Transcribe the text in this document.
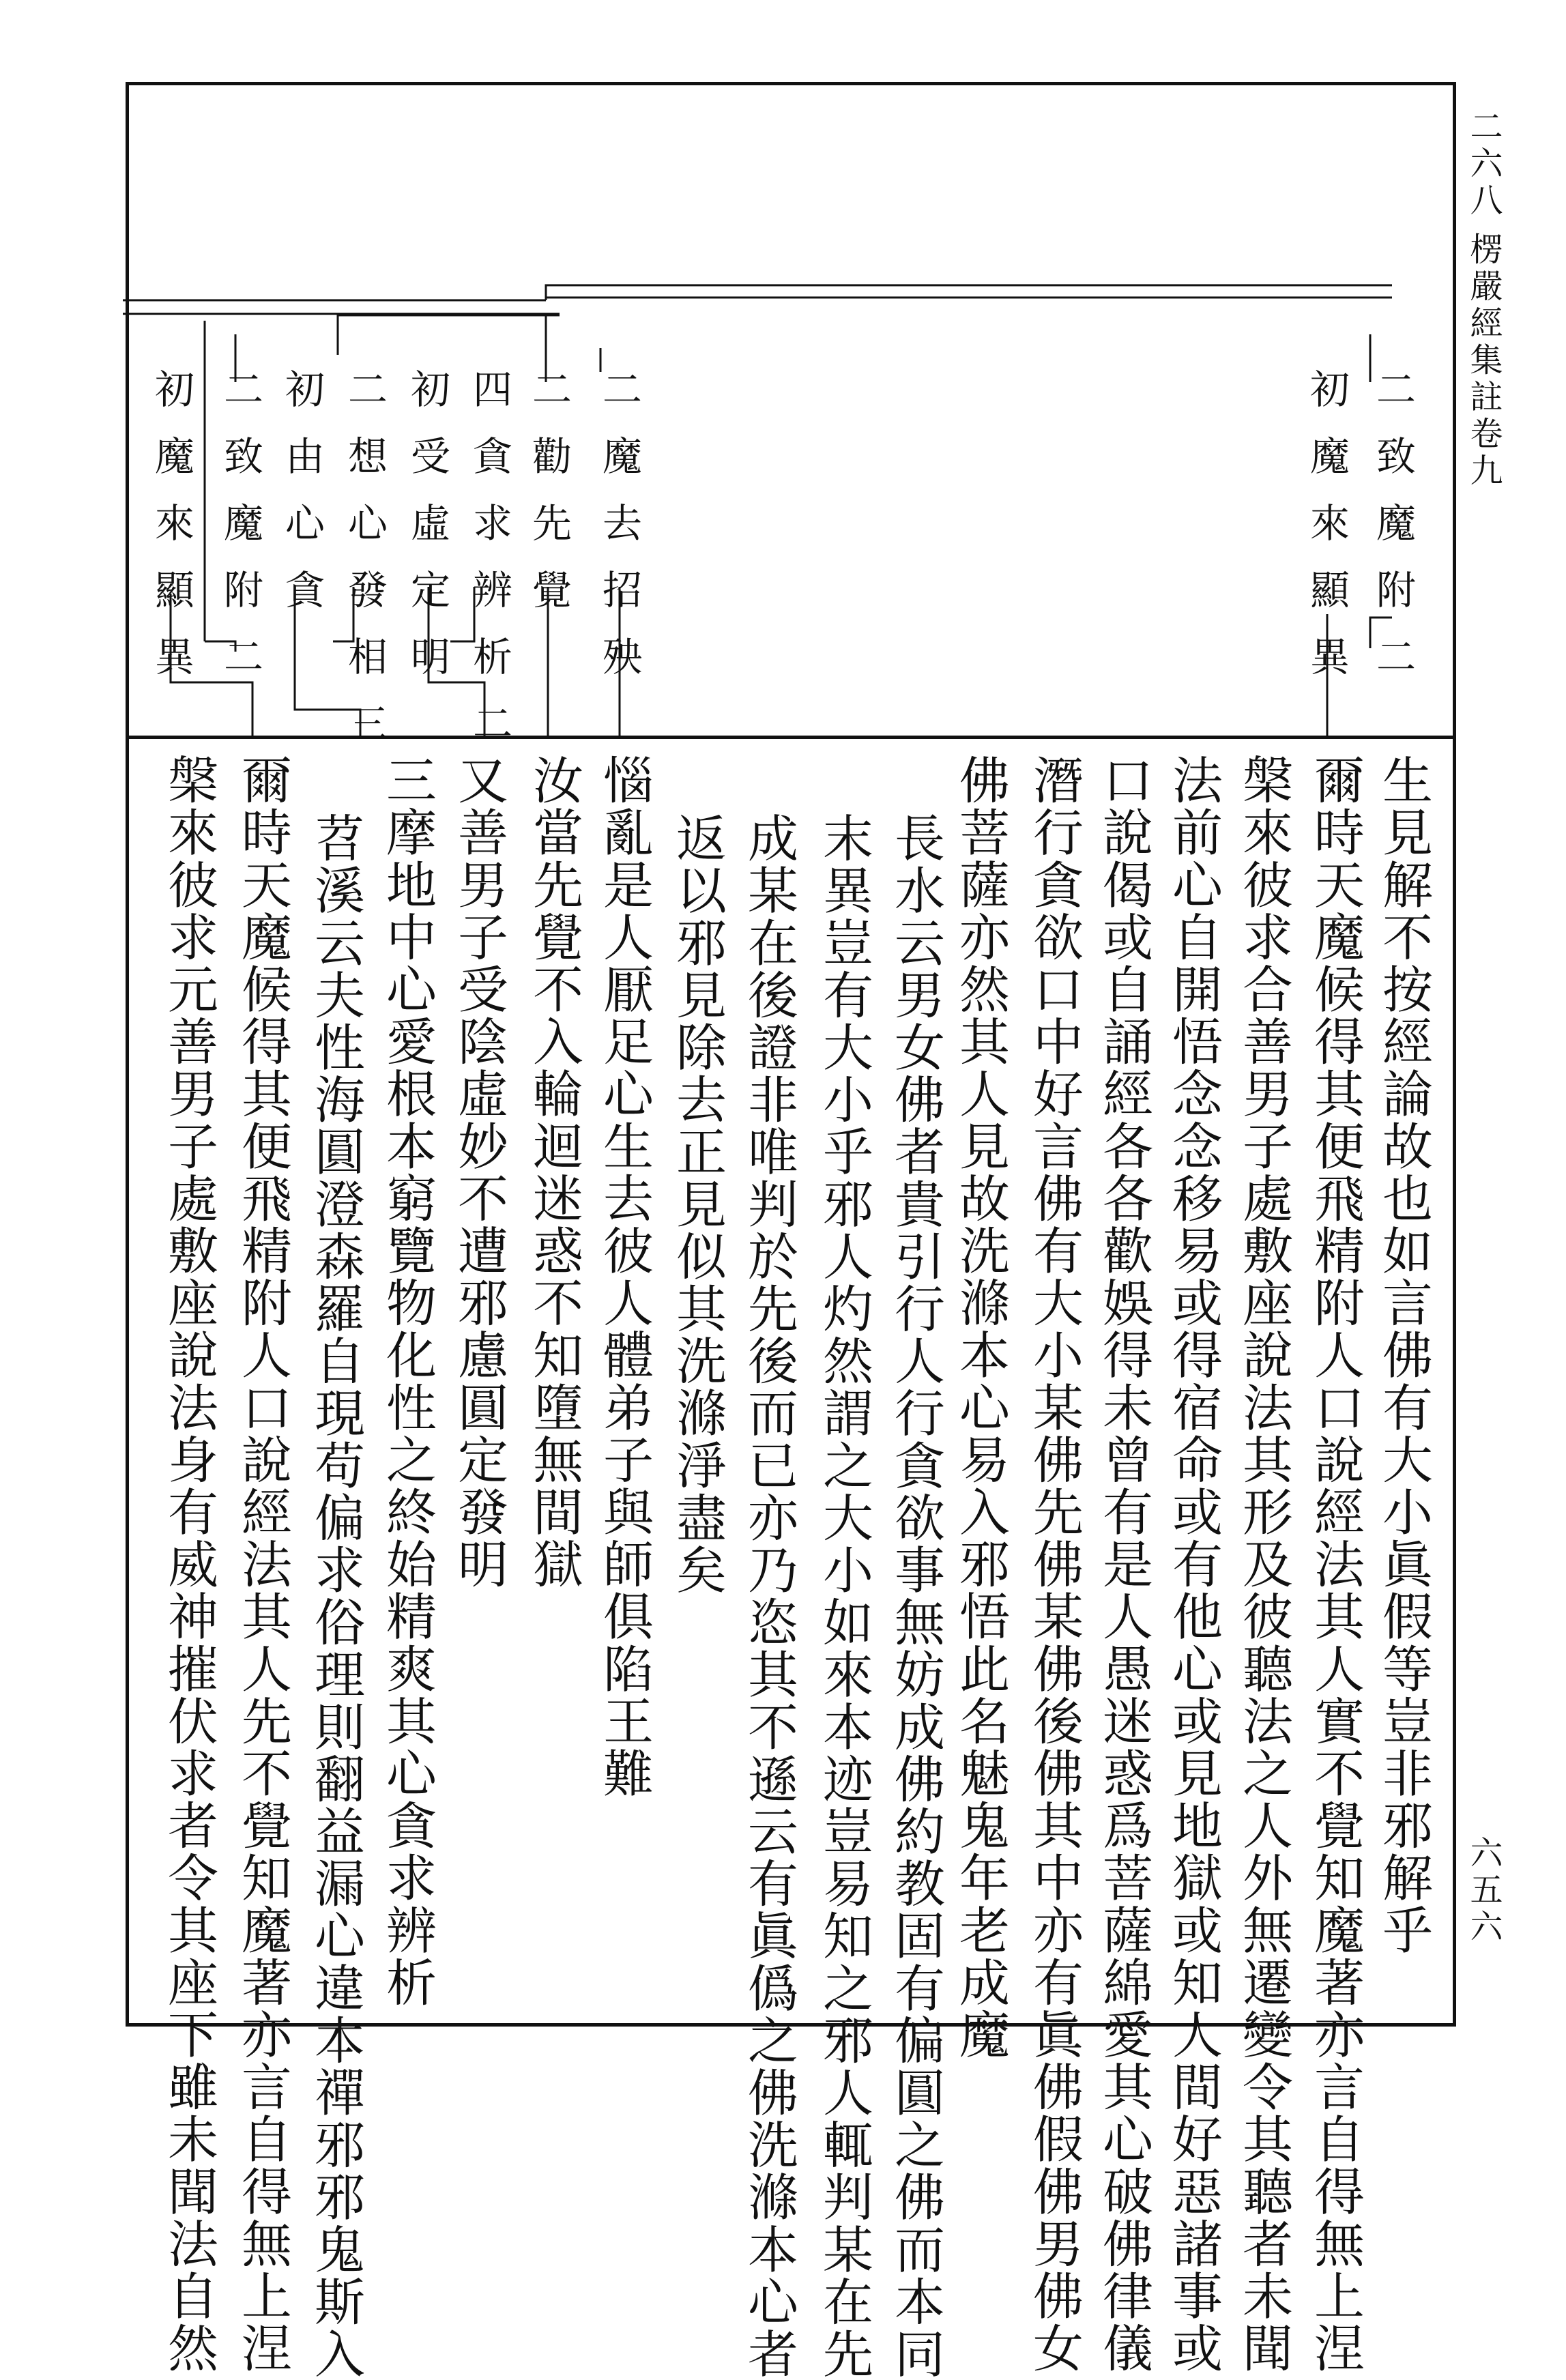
二六八
楞嚴經集註卷九
六五六
二致魔附二
初魔來顯異
二魔去招殃
二勸先覺
四貪求辨析二
初受虛定明
二想心發相三
初由心貪
二致魔附二
初魔來顯異
生見解不按經論故也如言佛有大小眞假等豈非邪解乎
爾時天魔候得其便飛精附人口說經法其人實不覺知魔著亦言自得無上涅
槃來彼求合善男子處敷座說法其形及彼聽法之人外無遷變令其聽者未聞
法前心自開悟念念移易或得宿命或有他心或見地獄或知人間好惡諸事或
口說偈或自誦經各各歡娛得未曾有是人愚迷惑爲菩薩綿愛其心破佛律儀
潛行貪欲口中好言佛有大小某佛先佛某佛後佛其中亦有眞佛假佛男佛女
佛菩薩亦然其人見故洗滌本心易入邪悟此名魅鬼年老成魔
長水云男女佛者貴引行人行貪欲事無妨成佛約教固有偏圓之佛而本同
末異豈有大小乎邪人灼然謂之大小如來本迹豈易知之邪人輒判某在先
成某在後證非唯判於先後而已亦乃恣其不遜云有眞僞之佛洗滌本心者
返以邪見除去正見似其洗滌淨盡矣
惱亂是人厭足心生去彼人體弟子與師俱陷王難
汝當先覺不入輪迴迷惑不知墮無間獄
又善男子受陰虛妙不遭邪慮圓定發明
三摩地中心愛根本窮覽物化性之終始精爽其心貪求辨析
苕溪云夫性海圓澄森羅自現苟偏求俗理則翻益漏心違本禪邪邪鬼斯入
爾時天魔候得其便飛精附人口說經法其人先不覺知魔著亦言自得無上涅
槃來彼求元善男子處敷座說法身有威神摧伏求者令其座下雖未聞法自然
